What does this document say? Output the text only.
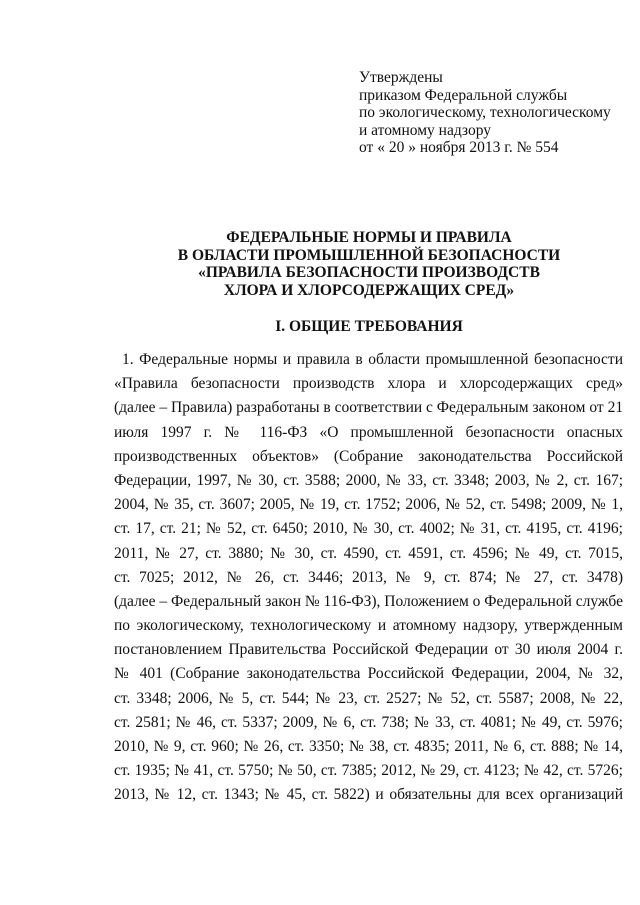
Утверждены
приказом Федеральной службы
по экологическому, технологическому
и атомному надзору
от « 20 » ноября 2013 г. № 554
ФЕДЕРАЛЬНЫЕ НОРМЫ И ПРАВИЛА
В ОБЛАСТИ ПРОМЫШЛЕННОЙ БЕЗОПАСНОСТИ
«ПРАВИЛА БЕЗОПАСНОСТИ ПРОИЗВОДСТВ
ХЛОРА И ХЛОРСОДЕРЖАЩИХ СРЕД»
I. ОБЩИЕ ТРЕБОВАНИЯ
1. Федеральные нормы и правила в области промышленной безопасности
«Правила безопасности производств хлора и хлорсодержащих сред»
(далее – Правила) разработаны в соответствии с Федеральным законом от 21
июля 1997 г. № 116-ФЗ «О промышленной безопасности опасных
производственных объектов» (Собрание законодательства Российской
Федерации, 1997, № 30, ст. 3588; 2000, № 33, ст. 3348; 2003, № 2, ст. 167;
2004, № 35, ст. 3607; 2005, № 19, ст. 1752; 2006, № 52, ст. 5498; 2009, № 1,
ст. 17, ст. 21; № 52, ст. 6450; 2010, № 30, ст. 4002; № 31, ст. 4195, ст. 4196;
2011, № 27, ст. 3880; № 30, ст. 4590, ст. 4591, ст. 4596; № 49, ст. 7015,
ст. 7025; 2012, № 26, ст. 3446; 2013, № 9, ст. 874; № 27, ст. 3478)
(далее – Федеральный закон № 116-ФЗ), Положением о Федеральной службе
по экологическому, технологическому и атомному надзору, утвержденным
постановлением Правительства Российской Федерации от 30 июля 2004 г.
№ 401 (Собрание законодательства Российской Федерации, 2004, № 32,
ст. 3348; 2006, № 5, ст. 544; № 23, ст. 2527; № 52, ст. 5587; 2008, № 22,
ст. 2581; № 46, ст. 5337; 2009, № 6, ст. 738; № 33, ст. 4081; № 49, ст. 5976;
2010, № 9, ст. 960; № 26, ст. 3350; № 38, ст. 4835; 2011, № 6, ст. 888; № 14,
ст. 1935; № 41, ст. 5750; № 50, ст. 7385; 2012, № 29, ст. 4123; № 42, ст. 5726;
2013, № 12, ст. 1343; № 45, ст. 5822) и обязательны для всех организаций
